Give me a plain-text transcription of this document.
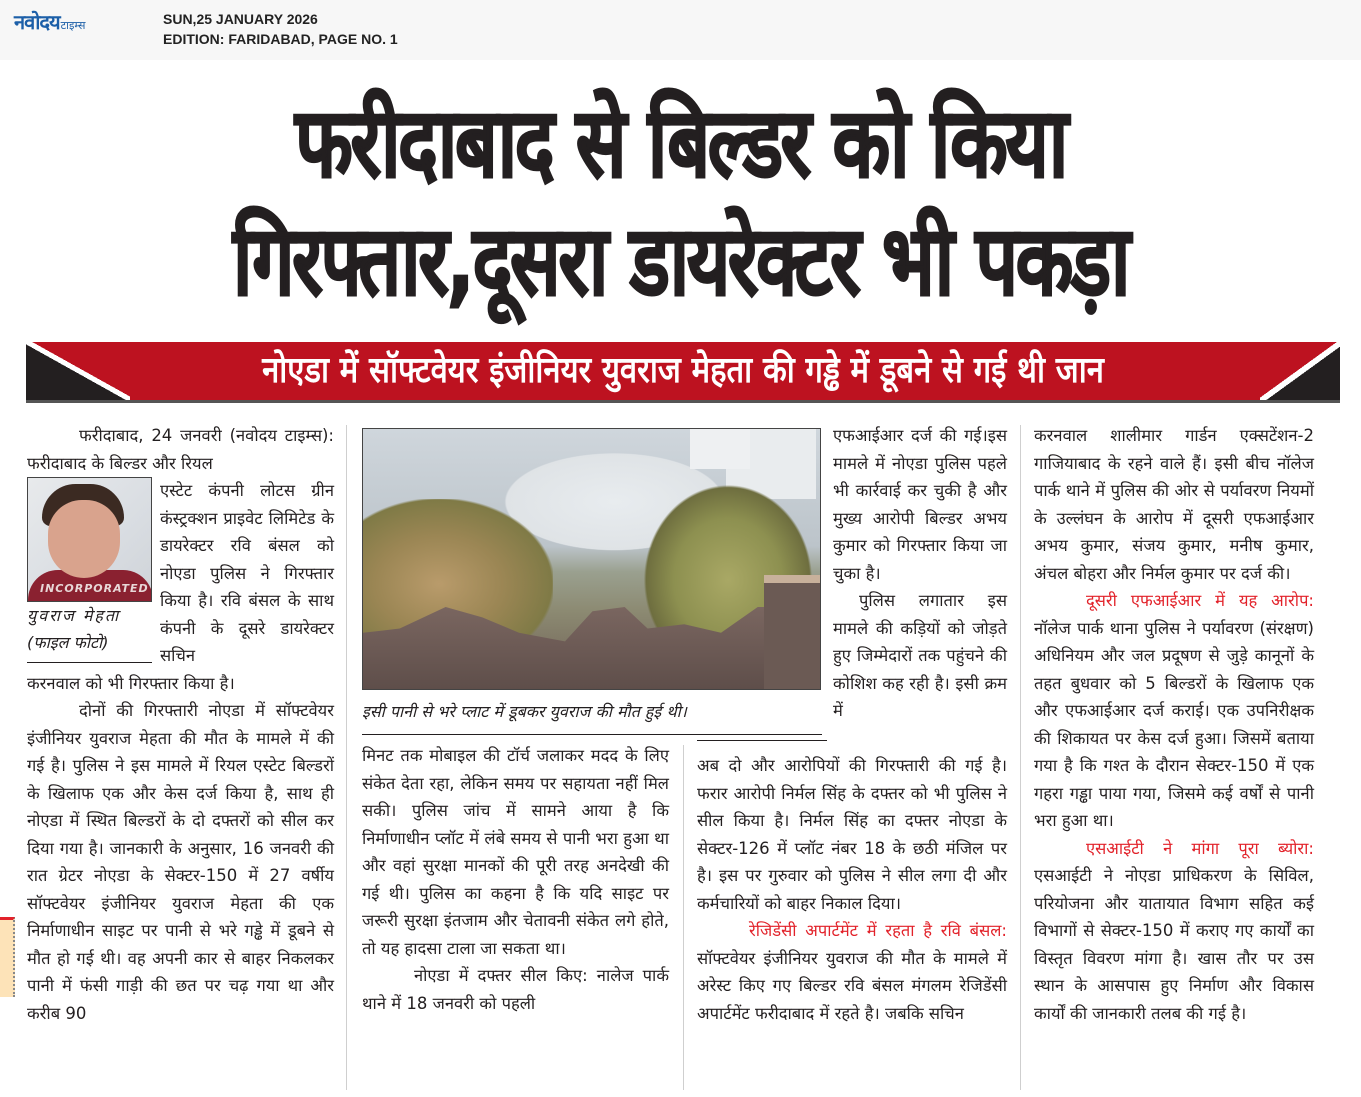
नवोदय टाइम्स	SUN,25 JANUARY 2026
EDITION: FARIDABAD, PAGE NO. 1
फरीदाबाद से बिल्डर को किया
गिरफ्तार,दूसरा डायरेक्टर भी पकड़ा
नोएडा में सॉफ्टवेयर इंजीनियर युवराज मेहता की गड्ढे में डूबने से गई थी जान

फरीदाबाद, 24 जनवरी (नवोदय टाइम्स): फरीदाबाद के बिल्डर और रियल

INCORPORATED
युवराज मेहता
(फाइल फोटो)

एस्टेट कंपनी लोटस ग्रीन कंस्ट्रक्शन प्राइवेट लिमिटेड के डायरेक्टर रवि बंसल को नोएडा पुलिस ने गिरफ्तार किया है। रवि बंसल के साथ कंपनी के दूसरे डायरेक्टर सचिन

करनवाल को भी गिरफ्तार किया है।

दोनों की गिरफ्तारी नोएडा में सॉफ्टवेयर इंजीनियर युवराज मेहता की मौत के मामले में की गई है। पुलिस ने इस मामले में रियल एस्टेट बिल्डरों के खिलाफ एक और केस दर्ज किया है, साथ ही नोएडा में स्थित बिल्डरों के दो दफ्तरों को सील कर दिया गया है। जानकारी के अनुसार, 16 जनवरी की रात ग्रेटर नोएडा के सेक्टर-150 में 27 वर्षीय सॉफ्टवेयर इंजीनियर युवराज मेहता की एक निर्माणाधीन साइट पर पानी से भरे गड्ढे में डूबने से मौत हो गई थी। वह अपनी कार से बाहर निकलकर पानी में फंसी गाड़ी की छत पर चढ़ गया था और करीब 90

इसी पानी से भरे प्लाट में डूबकर युवराज की मौत हुई थी।

मिनट तक मोबाइल की टॉर्च जलाकर मदद के लिए संकेत देता रहा, लेकिन समय पर सहायता नहीं मिल सकी। पुलिस जांच में सामने आया है कि निर्माणाधीन प्लॉट में लंबे समय से पानी भरा हुआ था और वहां सुरक्षा मानकों की पूरी तरह अनदेखी की गई थी। पुलिस का कहना है कि यदि साइट पर जरूरी सुरक्षा इंतजाम और चेतावनी संकेत लगे होते, तो यह हादसा टाला जा सकता था।

नोएडा में दफ्तर सील किए: नालेज पार्क थाने में 18 जनवरी को पहली

एफआईआर दर्ज की गई।इस मामले में नोएडा पुलिस पहले भी कार्रवाई कर चुकी है और मुख्य आरोपी बिल्डर अभय कुमार को गिरफ्तार किया जा चुका है।

पुलिस लगातार इस मामले की कड़ियों को जोड़ते हुए जिम्मेदारों तक पहुंचने की कोशिश कह रही है। इसी क्रम में

अब दो और आरोपियों की गिरफ्तारी की गई है। फरार आरोपी निर्मल सिंह के दफ्तर को भी पुलिस ने सील किया है। निर्मल सिंह का दफ्तर नोएडा के सेक्टर-126 में प्लॉट नंबर 18 के छठी मंजिल पर है। इस पर गुरुवार को पुलिस ने सील लगा दी और कर्मचारियों को बाहर निकाल दिया।

रेजिडेंसी अपार्टमेंट में रहता है रवि बंसल: सॉफ्टवेयर इंजीनियर युवराज की मौत के मामले में अरेस्ट किए गए बिल्डर रवि बंसल मंगलम रेजिडेंसी अपार्टमेंट फरीदाबाद में रहते है। जबकि सचिन

करनवाल शालीमार गार्डन एक्सटेंशन-2 गाजियाबाद के रहने वाले हैं। इसी बीच नॉलेज पार्क थाने में पुलिस की ओर से पर्यावरण नियमों के उल्लंघन के आरोप में दूसरी एफआईआर अभय कुमार, संजय कुमार, मनीष कुमार, अंचल बोहरा और निर्मल कुमार पर दर्ज की।

दूसरी एफआईआर में यह आरोप: नॉलेज पार्क थाना पुलिस ने पर्यावरण (संरक्षण) अधिनियम और जल प्रदूषण से जुड़े कानूनों के तहत बुधवार को 5 बिल्डरों के खिलाफ एक और एफआईआर दर्ज कराई। एक उपनिरीक्षक की शिकायत पर केस दर्ज हुआ। जिसमें बताया गया है कि गश्त के दौरान सेक्टर-150 में एक गहरा गड्ढा पाया गया, जिसमे कई वर्षों से पानी भरा हुआ था।

एसआईटी ने मांगा पूरा ब्योरा: एसआईटी ने नोएडा प्राधिकरण के सिविल, परियोजना और यातायात विभाग सहित कई विभागों से सेक्टर-150 में कराए गए कार्यों का विस्तृत विवरण मांगा है। खास तौर पर उस स्थान के आसपास हुए निर्माण और विकास कार्यों की जानकारी तलब की गई है।
